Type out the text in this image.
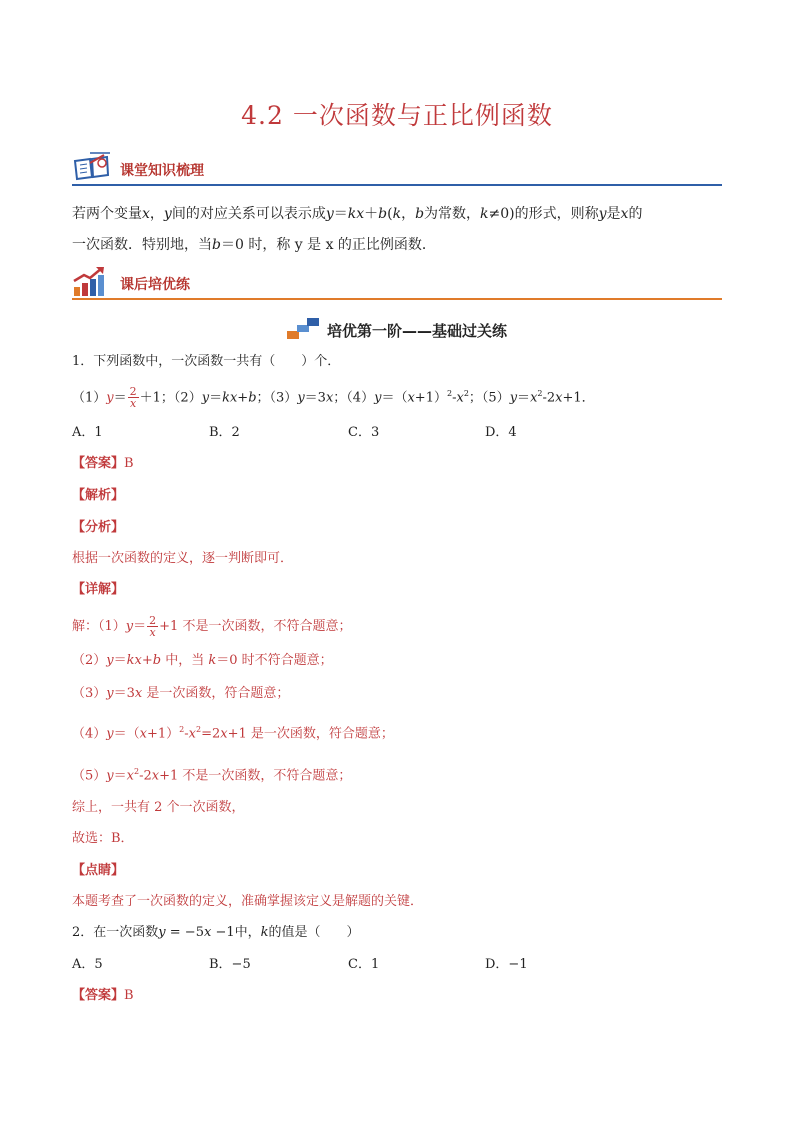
4.2 一次函数与正比例函数
课堂知识梳理
若两个变量x，y间的对应关系可以表示成y＝kx＋b(k，b为常数，k≠0)的形式，则称y是x的
一次函数．特别地，当b＝0 时，称 y 是 x 的正比例函数．
课后培优练
培优第一阶——基础过关练
1．下列函数中，一次函数一共有（　　）个．
$(1)y= \frac{2}{x} +1$；（2）y＝kx+b；（3）y＝3x；$(4)y=(x+1)^2-x^2$；$(5)y=x^2-2x+1$．
A．1	B．2	C．3	D．4
【答案】B
【解析】
【分析】
根据一次函数的定义，逐一判断即可．
【详解】
解：$(1)y= \frac{2}{x} +1$ 不是一次函数，不符合题意；
（2）y＝kx+b 中，当 k＝0 时不符合题意；
（3）y＝3x 是一次函数，符合题意；
$(4)y=(x+1)^2-x^2=2x+1$ 是一次函数，符合题意；
$(5)y=x^2-2x+1$ 不是一次函数，不符合题意；
综上，一共有 2 个一次函数，
故选：B．
【点睛】
本题考查了一次函数的定义，准确掌握该定义是解题的关键．
2．在一次函数y = −5x −1中，k的值是（　　）
A．5	B．−5	C．1	D．−1
【答案】B
